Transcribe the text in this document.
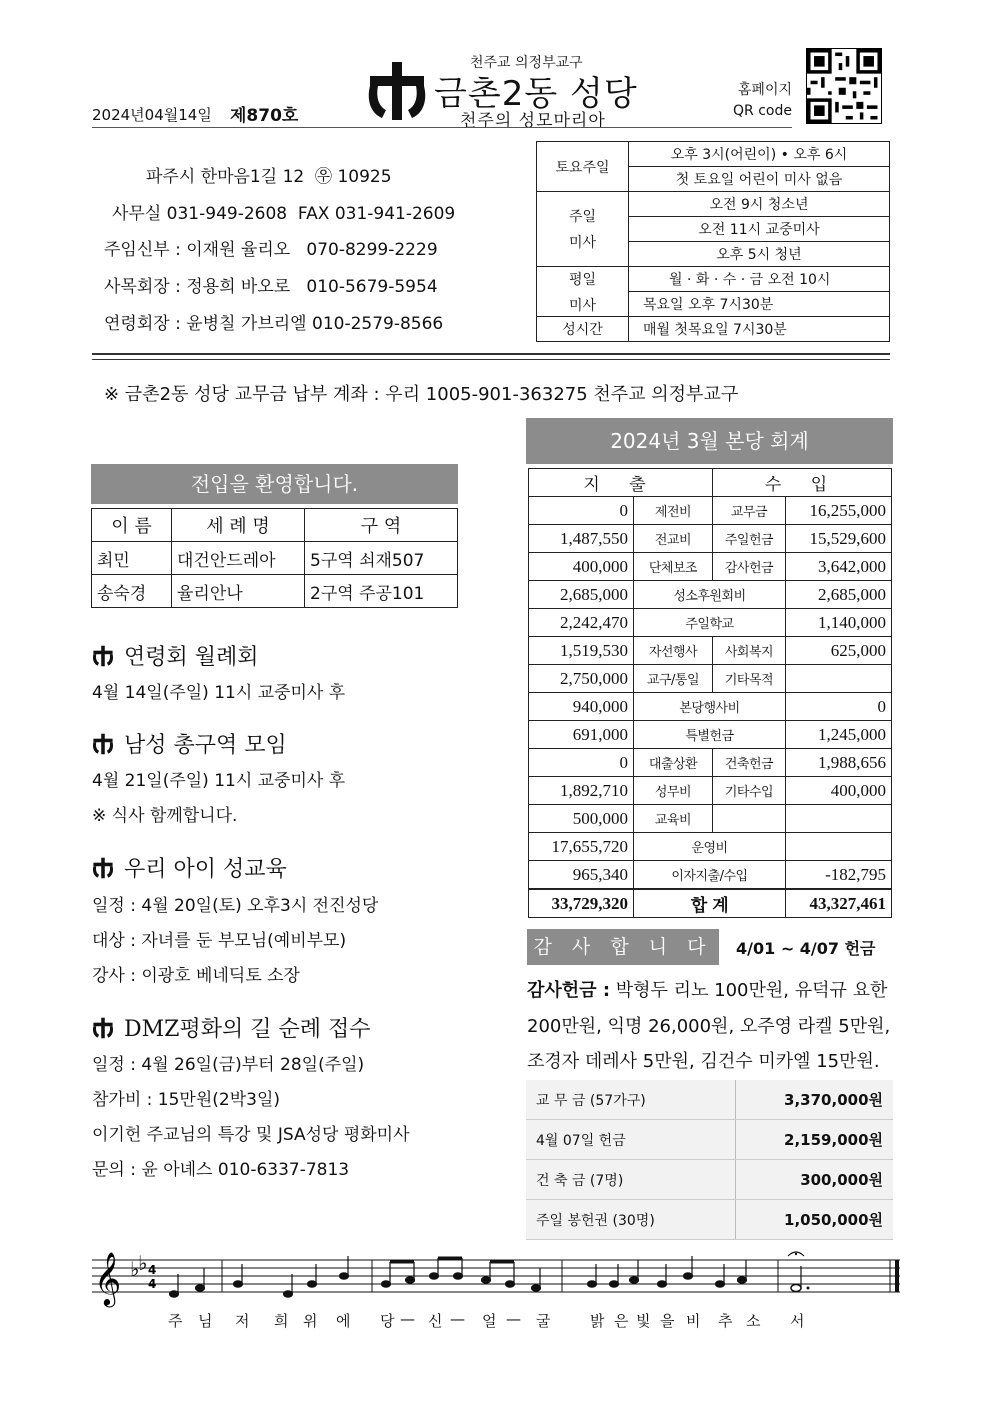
천주교 의정부교구
금촌2동 성당
천주의 성모마리아
2024년04월14일 제870호
홈페이지
QR code
파주시 한마음1길 12 ㉾ 10925
사무실 031-949-2608 FAX 031-941-2609
주임신부 : 이재원 율리오 070-8299-2229
사목회장 : 정용희 바오로 010-5679-5954
연령회장 : 윤병칠 가브리엘 010-2579-8566
토요주일	오후 3시(어린이) • 오후 6시
	첫 토요일 어린이 미사 없음

주일
미사	오전 9시 청소년
	오전 11시 교중미사
	오후 5시 청년

평일
미사	월 · 화 · 수 · 금 오전 10시
	목요일 오후 7시30분
성시간	매월 첫목요일 7시30분
※ 금촌2동 성당 교무금 납부 계좌 : 우리 1005-901-363275 천주교 의정부교구
전입을 환영합니다.
이 름	세 례 명	구 역
최민	대건안드레아	5구역 쇠재507
송숙경	율리안나	2구역 주공101
연령회 월례회
4월 14일(주일) 11시 교중미사 후
남성 총구역 모임
4월 21일(주일) 11시 교중미사 후
※ 식사 함께합니다.
우리 아이 성교육
일정 : 4월 20일(토) 오후3시 전진성당
대상 : 자녀를 둔 부모님(예비부모)
강사 : 이광호 베네딕토 소장
DMZ평화의 길 순례 접수
일정 : 4월 26일(금)부터 28일(주일)
참가비 : 15만원(2박3일)
이기헌 주교님의 특강 및 JSA성당 평화미사
문의 : 윤 아녜스 010-6337-7813
2024년 3월 본당 회계
지 출		수 입	
0	제전비	교무금	16,255,000
1,487,550	전교비	주일헌금	15,529,600
400,000	단체보조	감사헌금	3,642,000
2,685,000	성소후원회비		2,685,000
2,242,470	주일학교		1,140,000
1,519,530	자선행사	사회복지	625,000
2,750,000	교구/통일	기타목적	
940,000	본당행사비		0
691,000	특별헌금		1,245,000
0	대출상환	건축헌금	1,988,656
1,892,710	성무비	기타수입	400,000
500,000	교육비		
17,655,720	운영비		
965,340	이자지출/수입		-182,795
33,729,320	합 계		43,327,461
감 사 합 니 다	4/01 ~ 4/07 헌금
감사헌금 : 박형두 리노 100만원, 유덕규 요한
200만원, 익명 26,000원, 오주영 라켈 5만원,
조경자 데레사 5만원, 김건수 미카엘 15만원.
교 무 금 (57가구)	3,370,000원
4월 07일 헌금	2,159,000원
건 축 금 (7명)	300,000원
주일 봉헌권 (30명)	1,050,000원
𝄞 ♭
♭ 4
4
주 님 저 희 위 에 당 — 신 — 얼 — 굴	밝 은 빛 을 비 추 소 서
